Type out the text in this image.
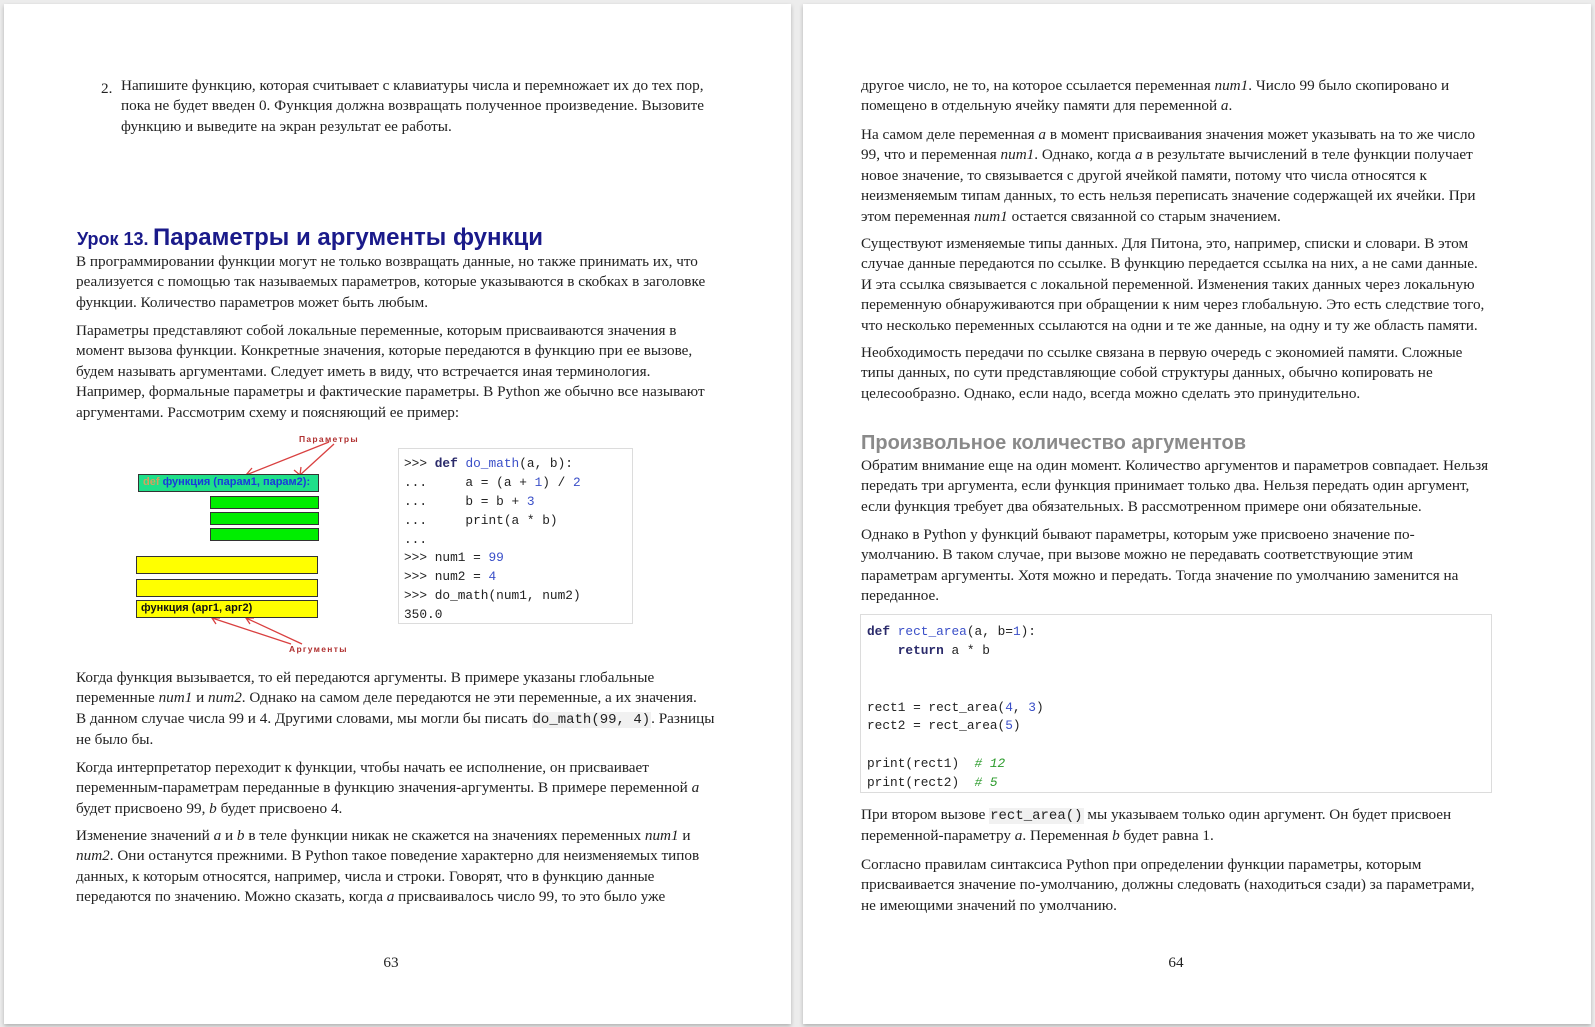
2. Напишите функцию, которая считывает с клавиатуры числа и перемножает их до тех пор,
пока не будет введен 0. Функция должна возвращать полученное произведение. Вызовите
функцию и выведите на экран результат ее работы.
Урок 13. Параметры и аргументы функци
В программировании функции могут не только возвращать данные, но также принимать их, что
реализуется с помощью так называемых параметров, которые указываются в скобках в заголовке
функции. Количество параметров может быть любым.
Параметры представляют собой локальные переменные, которым присваиваются значения в
момент вызова функции. Конкретные значения, которые передаются в функцию при ее вызове,
будем называть аргументами. Следует иметь в виду, что встречается иная терминология.
Например, формальные параметры и фактические параметры. В Python же обычно все называют
аргументами. Рассмотрим схему и поясняющий ее пример:
Параметры
def функция (парам1, парам2):
функция (арг1, арг2)
Аргументы
>>> def do_math(a, b):
...     a = (a + 1) / 2
...     b = b + 3
...     print(a * b)
...
>>> num1 = 99
>>> num2 = 4
>>> do_math(num1, num2)
350.0
Когда функция вызывается, то ей передаются аргументы. В примере указаны глобальные
переменные num1 и num2. Однако на самом деле передаются не эти переменные, а их значения.
В данном случае числа 99 и 4. Другими словами, мы могли бы писать do_math(99, 4). Разницы
не было бы.
Когда интерпретатор переходит к функции, чтобы начать ее исполнение, он присваивает
переменным-параметрам переданные в функцию значения-аргументы. В примере переменной a
будет присвоено 99, b будет присвоено 4.
Изменение значений a и b в теле функции никак не скажется на значениях переменных num1 и
num2. Они останутся прежними. В Python такое поведение характерно для неизменяемых типов
данных, к которым относятся, например, числа и строки. Говорят, что в функцию данные
передаются по значению. Можно сказать, когда a присваивалось число 99, то это было уже
63
другое число, не то, на которое ссылается переменная num1. Число 99 было скопировано и
помещено в отдельную ячейку памяти для переменной a.
На самом деле переменная a в момент присваивания значения может указывать на то же число
99, что и переменная num1. Однако, когда a в результате вычислений в теле функции получает
новое значение, то связывается с другой ячейкой памяти, потому что числа относятся к
неизменяемым типам данных, то есть нельзя переписать значение содержащей их ячейки. При
этом переменная num1 остается связанной со старым значением.
Существуют изменяемые типы данных. Для Питона, это, например, списки и словари. В этом
случае данные передаются по ссылке. В функцию передается ссылка на них, а не сами данные.
И эта ссылка связывается с локальной переменной. Изменения таких данных через локальную
переменную обнаруживаются при обращении к ним через глобальную. Это есть следствие того,
что несколько переменных ссылаются на одни и те же данные, на одну и ту же область памяти.
Необходимость передачи по ссылке связана в первую очередь с экономией памяти. Сложные
типы данных, по сути представляющие собой структуры данных, обычно копировать не
целесообразно. Однако, если надо, всегда можно сделать это принудительно.
Произвольное количество аргументов
Обратим внимание еще на один момент. Количество аргументов и параметров совпадает. Нельзя
передать три аргумента, если функция принимает только два. Нельзя передать один аргумент,
если функция требует два обязательных. В рассмотренном примере они обязательные.
Однако в Python у функций бывают параметры, которым уже присвоено значение по-
умолчанию. В таком случае, при вызове можно не передавать соответствующие этим
параметрам аргументы. Хотя можно и передать. Тогда значение по умолчанию заменится на
переданное.
def rect_area(a, b=1):
return a * b
rect1 = rect_area(4, 3)
rect2 = rect_area(5)
print(rect1)  # 12
print(rect2)  # 5
При втором вызове rect_area() мы указываем только один аргумент. Он будет присвоен
переменной-параметру a. Переменная b будет равна 1.
Согласно правилам синтаксиса Python при определении функции параметры, которым
присваивается значение по-умолчанию, должны следовать (находиться сзади) за параметрами,
не имеющими значений по умолчанию.
64
